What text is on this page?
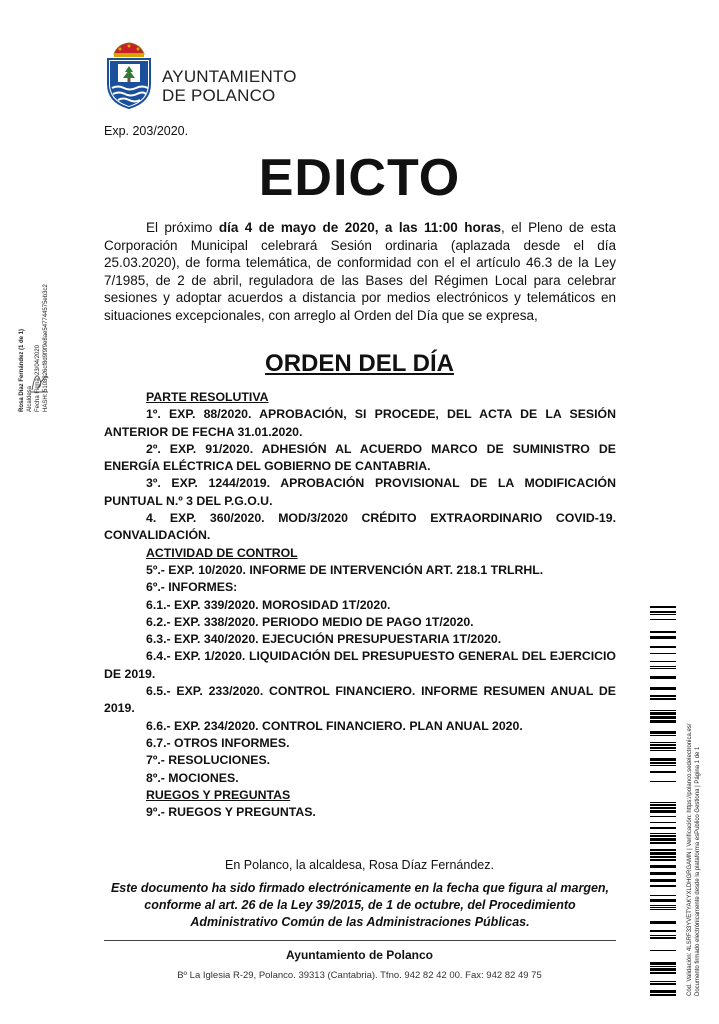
AYUNTAMIENTO
DE POLANCO
Exp. 203/2020.
EDICTO

El próximo día 4 de mayo de 2020, a las 11:00 horas, el Pleno de esta Corporación Municipal celebrará Sesión ordinaria (aplazada desde el día 25.03.2020), de forma telemática, de conformidad con el el artículo 46.3 de la Ley 7/1985, de 2 de abril, reguladora de las Bases del Régimen Local para celebrar sesiones y adoptar acuerdos a distancia por medios electrónicos y telemáticos en situaciones excepcionales, con arreglo al Orden del Día que se expresa,

ORDEN DEL DÍA

PARTE RESOLUTIVA

1º. EXP. 88/2020. APROBACIÓN, SI PROCEDE, DEL ACTA DE LA SESIÓN ANTERIOR DE FECHA 31.01.2020.

2º. EXP. 91/2020. ADHESIÓN AL ACUERDO MARCO DE SUMINISTRO DE ENERGÍA ELÉCTRICA DEL GOBIERNO DE CANTABRIA.

3º. EXP. 1244/2019. APROBACIÓN PROVISIONAL DE LA MODIFICACIÓN PUNTUAL N.º 3 DEL P.G.O.U.

4. EXP. 360/2020. MOD/3/2020 CRÉDITO EXTRAORDINARIO COVID-19. CONVALIDACIÓN.

ACTIVIDAD DE CONTROL

5º.- EXP. 10/2020. INFORME DE INTERVENCIÓN ART. 218.1 TRLRHL.

6º.- INFORMES:

6.1.- EXP. 339/2020. MOROSIDAD 1T/2020.

6.2.- EXP. 338/2020. PERIODO MEDIO DE PAGO 1T/2020.

6.3.- EXP. 340/2020. EJECUCIÓN PRESUPUESTARIA 1T/2020.

6.4.- EXP. 1/2020. LIQUIDACIÓN DEL PRESUPUESTO GENERAL DEL EJERCICIO DE 2019.

6.5.- EXP. 233/2020. CONTROL FINANCIERO. INFORME RESUMEN ANUAL DE 2019.

6.6.- EXP. 234/2020. CONTROL FINANCIERO. PLAN ANUAL 2020.

6.7.- OTROS INFORMES.

7º.- RESOLUCIONES.

8º.- MOCIONES.

RUEGOS Y PREGUNTAS

9º.- RUEGOS Y PREGUNTAS.

En Polanco, la alcaldesa, Rosa Díaz Fernández.
Este documento ha sido firmado electrónicamente en la fecha que figura al margen, conforme al art. 26 de la Ley 39/2015, de 1 de octubre, del Procedimiento Administrativo Común de las Administraciones Públicas.
Ayuntamiento de Polanco
Bº La Iglesia R-29, Polanco. 39313 (Cantabria). Tfno. 942 82 42 00. Fax: 942 82 49 75
Rosa Díaz Fernández (1 de 1) Alcaldesa Fecha Firma: 23/04/2020 HASH: 5108826cf8d9f9f9e8ae547744575eb3c2
Cód. Validación: 4LSRF33YVETYAKYXLDHGRGAMN | Verificación: https://polanco.sedelectronica.es/ Documento firmado electrónicamente desde la plataforma esPublico Gestiona | Página 1 de 1
